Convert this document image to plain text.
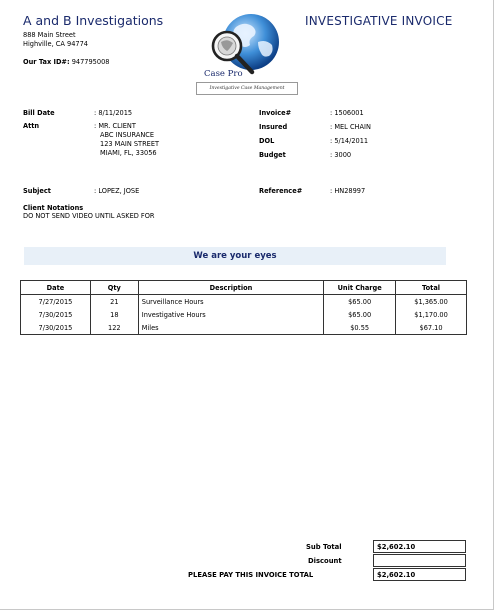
A and B Investigations
888 Main Street
Highville, CA 94774
Our Tax ID#: 947795008
Case Pro
Investigative Case Management
INVESTIGATIVE INVOICE
Bill Date	: 8/11/2015
Attn	: MR. CLIENT
ABC INSURANCE
123 MAIN STREET
MIAMI, FL, 33056
Invoice#	: 1506001
Insured	: MEL CHAIN
DOL	: 5/14/2011
Budget	: 3000
Subject	: LOPEZ, JOSE	Reference#	: HN28997
Client Notations
DO NOT SEND VIDEO UNTIL ASKED FOR
We are your eyes
Date	Qty	Description	Unit Charge	Total
7/27/2015	21	Surveillance Hours	$65.00	$1,365.00
7/30/2015	18	Investigative Hours	$65.00	$1,170.00
7/30/2015	122	Miles	$0.55	$67.10
Sub Total	$2,602.10
Discount
PLEASE PAY THIS INVOICE TOTAL	$2,602.10
